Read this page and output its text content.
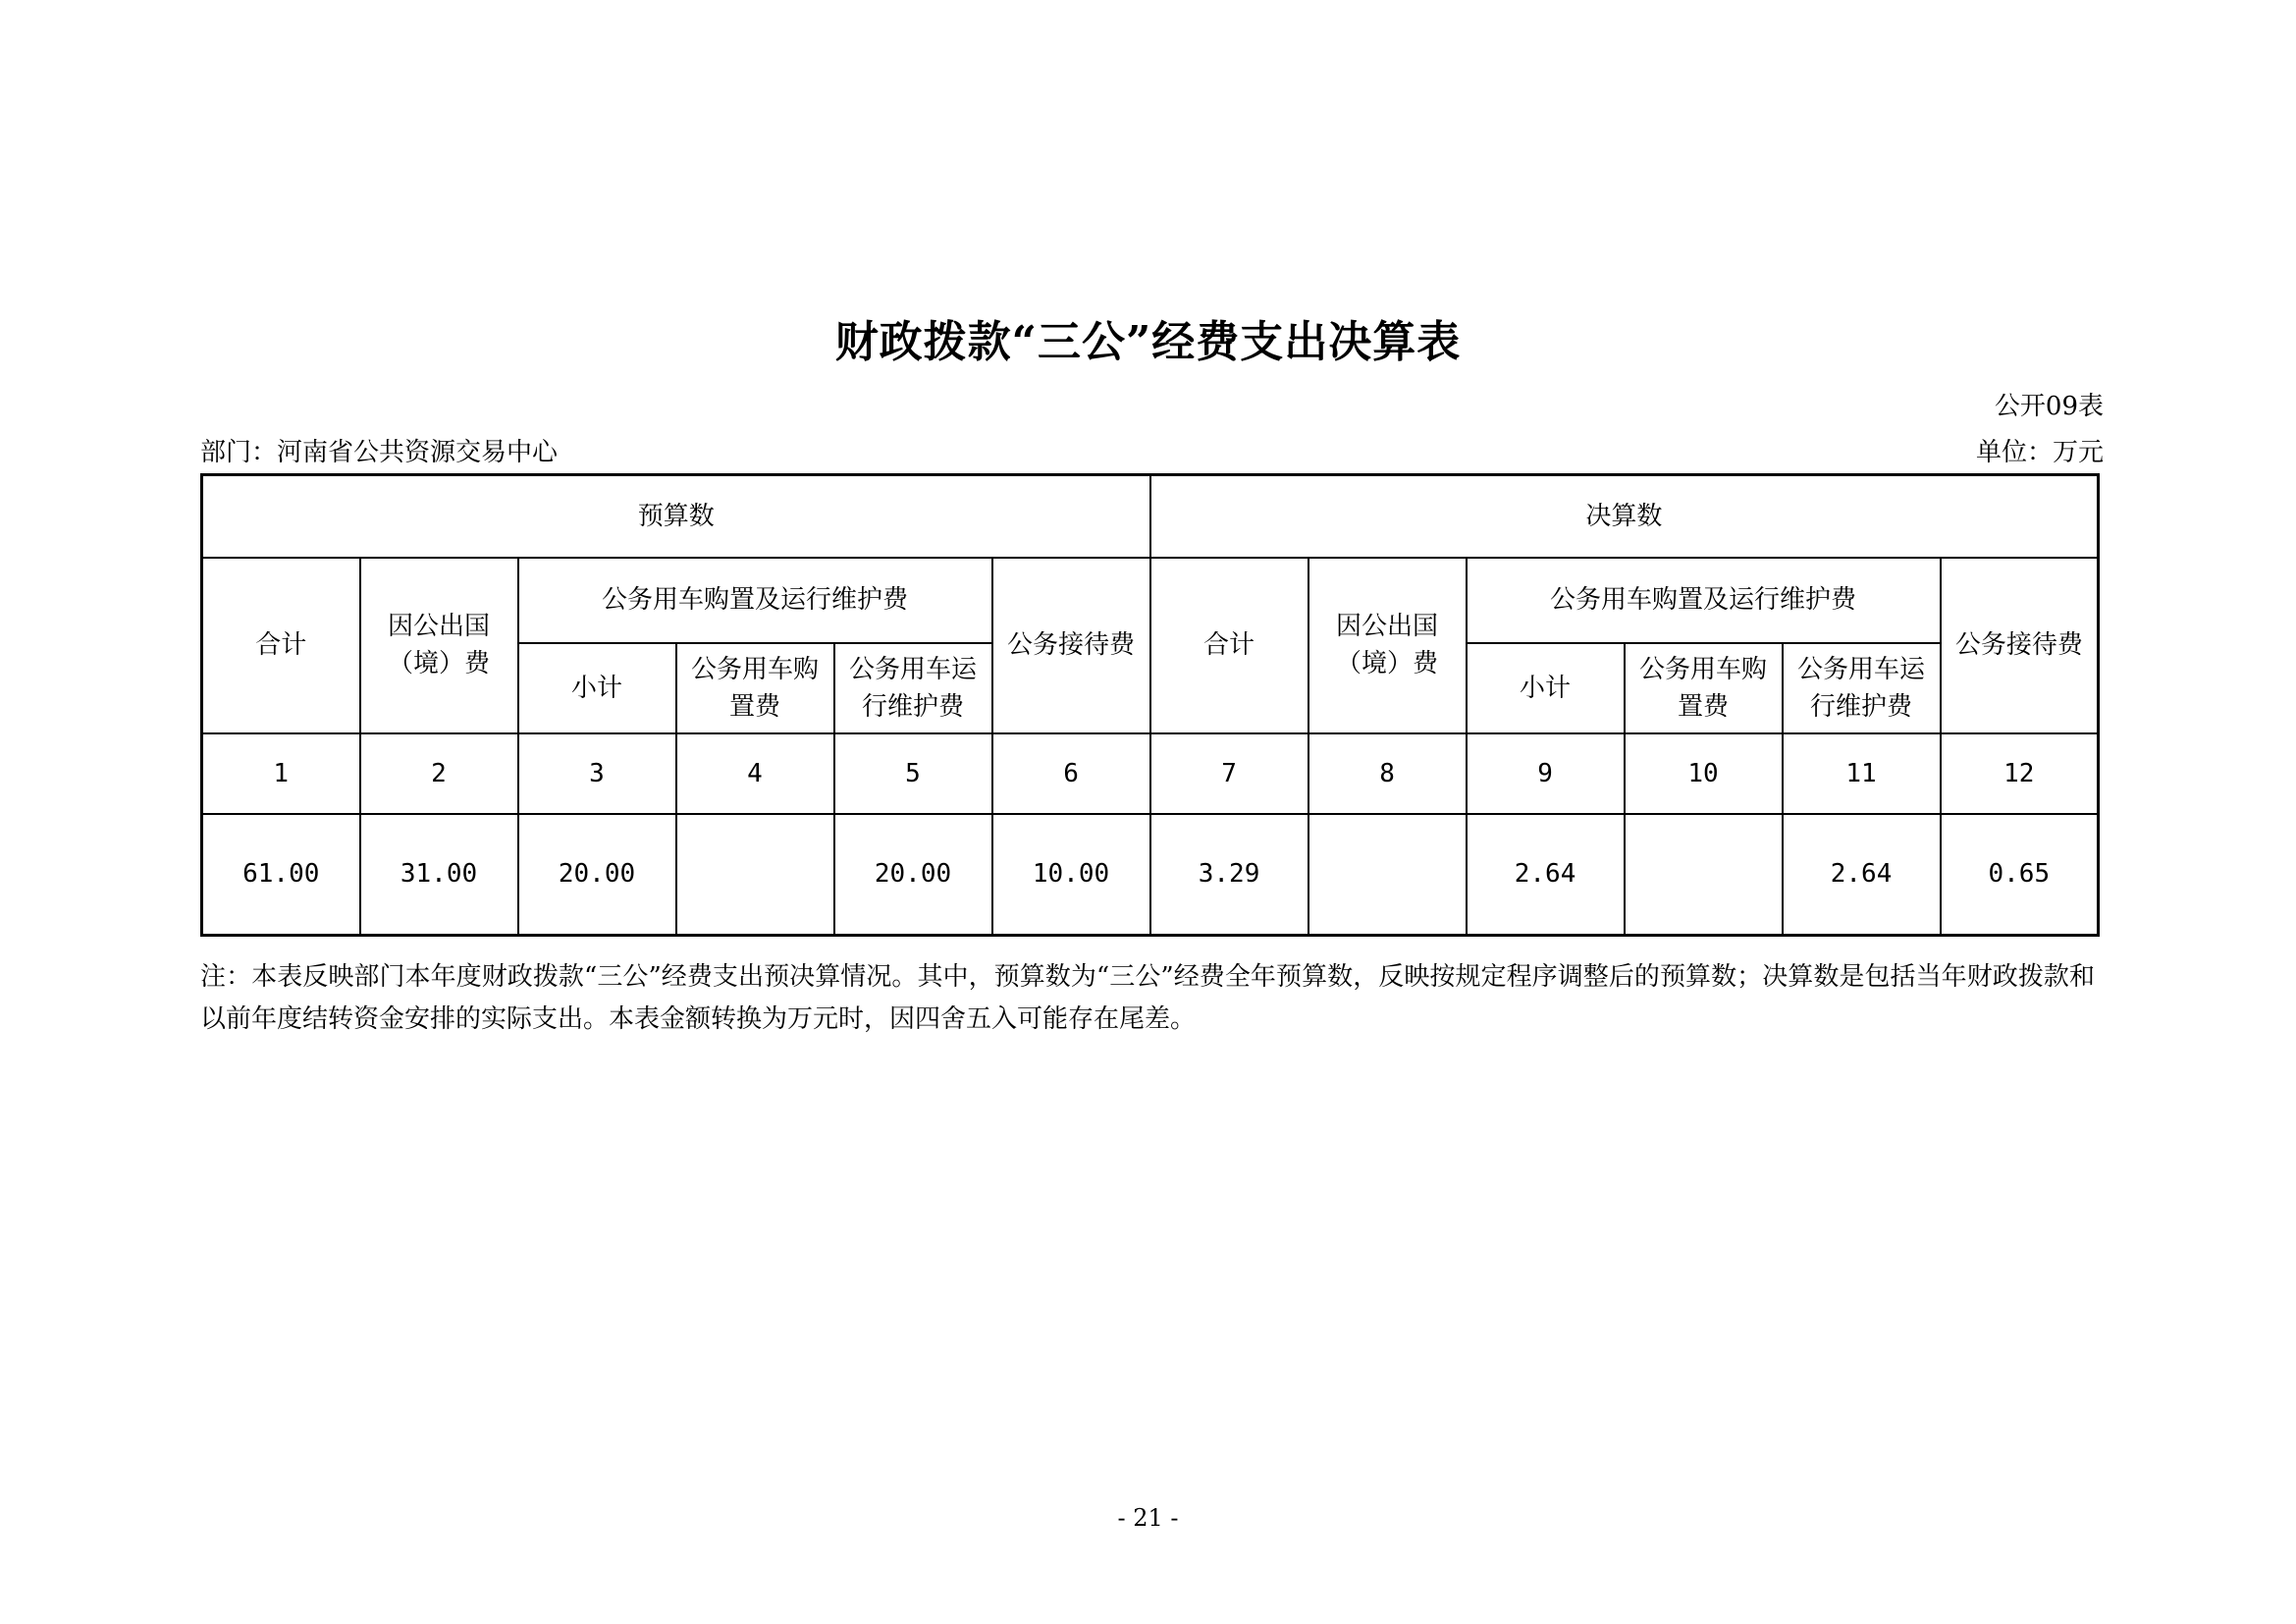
财政拨款“三公”经费支出决算表
公开09表
部门：河南省公共资源交易中心	单位：万元
预算数						决算数					
合计	因公出国（境）费	公务用车购置及运行维护费			公务接待费	合计	因公出国（境）费	公务用车购置及运行维护费			公务接待费
		小计	公务用车购置费	公务用车运行维护费				小计	公务用车购置费	公务用车运行维护费	
1	2	3	4	5	6	7	8	9	10	11	12
61.00	31.00	20.00		20.00	10.00	3.29		2.64		2.64	0.65
注：本表反映部门本年度财政拨款“三公”经费支出预决算情况。其中，预算数为“三公”经费全年预算数，反映按规定程序调整后的预算数；决算数是包括当年财政拨款和以前年度结转资金安排的实际支出。本表金额转换为万元时，因四舍五入可能存在尾差。
- 21 -
